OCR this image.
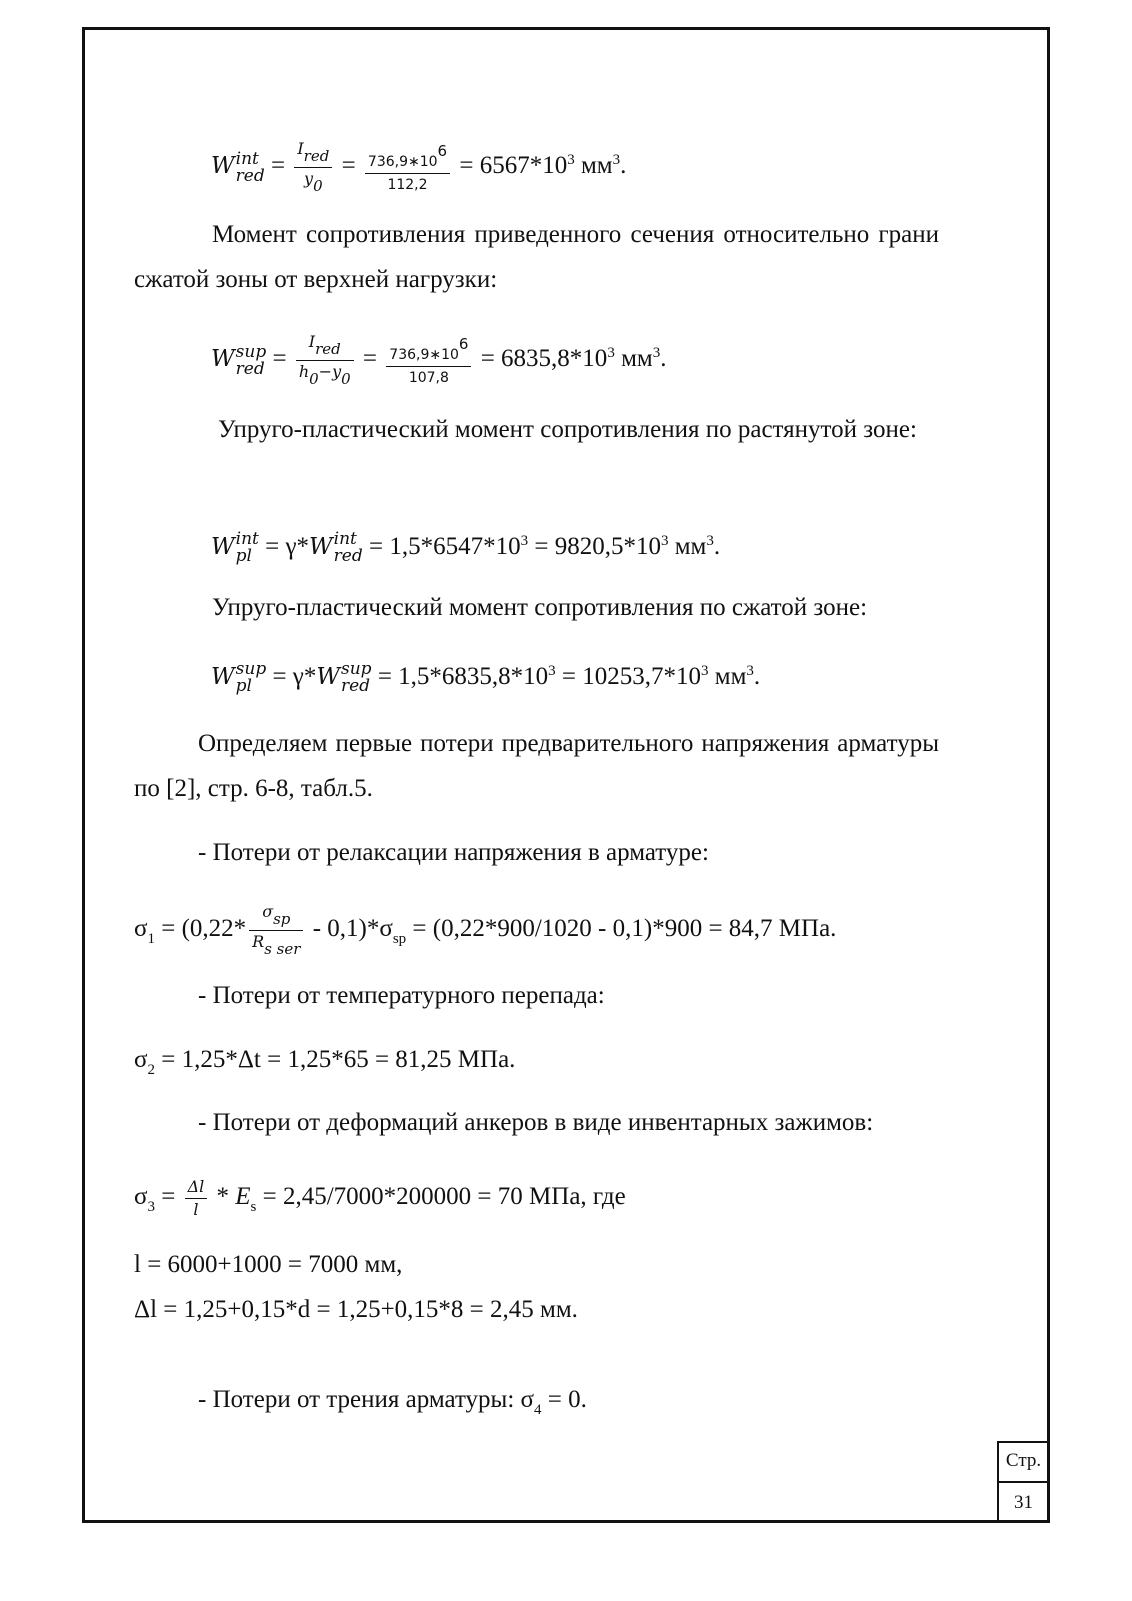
W int
red = $\frac{\text{Ired}}{y0} = \frac{736,9∗106}{112,2} = 6567*10^3$ $мм^3$.
Момент сопротивления приведенного сечения относительно грани сжатой зоны от верхней нагрузки:
W sup
red = $\frac{\text{Ired}}{h0-y0} = \frac{736,9∗106}{107,8} = 6835,8*10^3$ $мм^3$.
Упруго-пластический момент сопротивления по растянутой зоне:
W int
pl = γ*W int
red = $1,5*6547*10^3 = 9820,5*10^3$ $мм^3$.
Упруго-пластический момент сопротивления по сжатой зоне:
W sup
pl = γ*W sup
red = $1,5*6835,8*10^3 = 10253,7*10^3$ $мм^3$.
Определяем первые потери предварительного напряжения арматуры по [2], стр. 6-8, табл.5.
- Потери от релаксации напряжения в арматуре:
$\sigma_1 = (0,22* \frac{\text{σsp}}{\text{Rs ser}} - 0,1)*\sigma_{sp} = (0,22*900/1020 - 0,1)*900 = 84,7$ МПа.
- Потери от температурного перепада:
$\sigma_2 = 1,25*\Delta t = 1,25*65 = 81,25$ МПа.
- Потери от деформаций анкеров в виде инвентарных зажимов:
$\sigma_3 = \frac{\Delta l}{l} * E_s = 2,45/7000*200000 = 70$ МПа, где
l = 6000+1000 = 7000 мм,
Δl = 1,25+0,15*d = 1,25+0,15*8 = 2,45 мм.
- Потери от трения арматуры: $\sigma_4 = 0$.
Стр.
31
